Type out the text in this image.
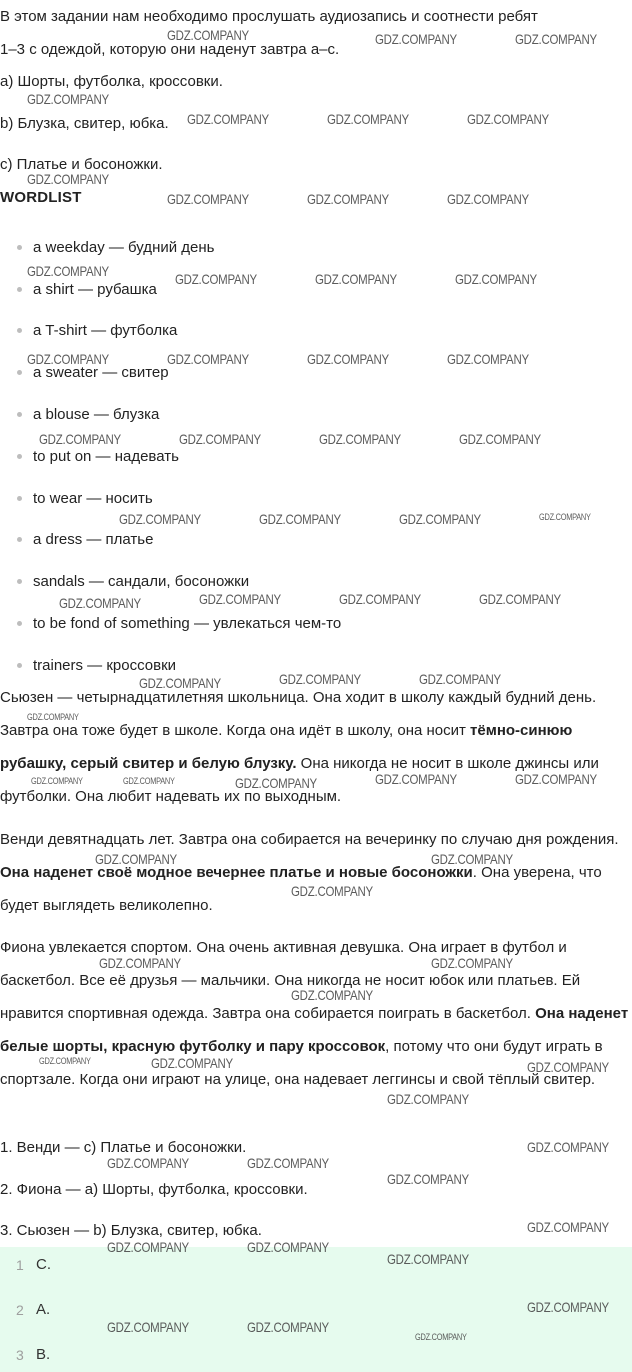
В этом задании нам необходимо прослушать аудиозапись и соотнести ребят
1–3 с одеждой, которую они наденут завтра a–c.
а) Шорты, футболка, кроссовки.
b) Блузка, свитер, юбка.
c) Платье и босоножки.
WORDLIST
a weekday — будний день
a shirt — рубашка
a T-shirt — футболка
a sweater — свитер
a blouse — блузка
to put on — надевать
to wear — носить
a dress — платье
sandals — сандали, босоножки
to be fond of something — увлекаться чем-то
trainers — кроссовки

Сьюзен — четырнадцатилетняя школьница. Она ходит в школу каждый будний день. Завтра она тоже будет в школе. Когда она идёт в школу, она носит тёмно-синюю рубашку, серый свитер и белую блузку. Она никогда не носит в школе джинсы или футболки. Она любит надевать их по выходным.

Венди девятнадцать лет. Завтра она собирается на вечеринку по случаю дня рождения. Она наденет своё модное вечернее платье и новые босоножки. Она уверена, что будет выглядеть великолепно.

Фиона увлекается спортом. Она очень активная девушка. Она играет в футбол и баскетбол. Все её друзья — мальчики. Она никогда не носит юбок или платьев. Ей нравится спортивная одежда. Завтра она собирается поиграть в баскетбол. Она наденет белые шорты, красную футболку и пару кроссовок, потому что они будут играть в спортзале. Когда они играют на улице, она надевает леггинсы и свой тёплый свитер.

1. Венди — c) Платье и босоножки.
2. Фиона — a) Шорты, футболка, кроссовки.
3. Сьюзен — b) Блузка, свитер, юбка.
1 C.
2 A.
3 B.
GDZ.COMPANY	GDZ.COMPANY	GDZ.COMPANY
GDZ.COMPANY
GDZ.COMPANY	GDZ.COMPANY	GDZ.COMPANY
GDZ.COMPANY
GDZ.COMPANY	GDZ.COMPANY	GDZ.COMPANY
GDZ.COMPANY	GDZ.COMPANY	GDZ.COMPANY	GDZ.COMPANY
GDZ.COMPANY	GDZ.COMPANY	GDZ.COMPANY	GDZ.COMPANY
GDZ.COMPANY	GDZ.COMPANY	GDZ.COMPANY	GDZ.COMPANY
GDZ.COMPANY	GDZ.COMPANY	GDZ.COMPANY	GDZ.COMPANY
GDZ.COMPANY	GDZ.COMPANY	GDZ.COMPANY	GDZ.COMPANY
GDZ.COMPANY	GDZ.COMPANY	GDZ.COMPANY
GDZ.COMPANY
GDZ.COMPANY	GDZ.COMPANY	GDZ.COMPANY	GDZ.COMPANY	GDZ.COMPANY
GDZ.COMPANY	GDZ.COMPANY
GDZ.COMPANY
GDZ.COMPANY	GDZ.COMPANY
GDZ.COMPANY
GDZ.COMPANY	GDZ.COMPANY	GDZ.COMPANY
GDZ.COMPANY
GDZ.COMPANY
GDZ.COMPANY	GDZ.COMPANY
GDZ.COMPANY
GDZ.COMPANY
GDZ.COMPANY	GDZ.COMPANY
GDZ.COMPANY
GDZ.COMPANY
GDZ.COMPANY	GDZ.COMPANY
GDZ.COMPANY
